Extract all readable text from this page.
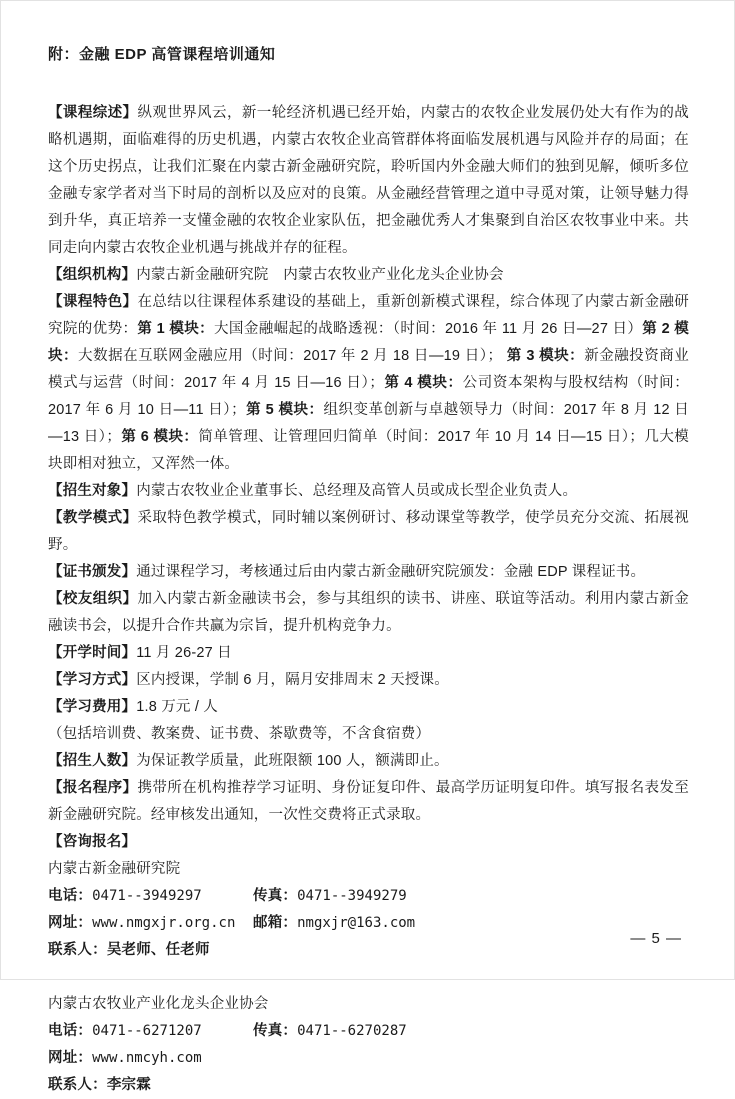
附：金融 EDP 高管课程培训通知

【课程综述】纵观世界风云，新一轮经济机遇已经开始，内蒙古的农牧企业发展仍处大有作为的战略机遇期，面临难得的历史机遇，内蒙古农牧企业高管群体将面临发展机遇与风险并存的局面；在这个历史拐点，让我们汇聚在内蒙古新金融研究院，聆听国内外金融大师们的独到见解，倾听多位金融专家学者对当下时局的剖析以及应对的良策。从金融经营管理之道中寻觅对策，让领导魅力得到升华，真正培养一支懂金融的农牧企业家队伍，把金融优秀人才集聚到自治区农牧事业中来。共同走向内蒙古农牧企业机遇与挑战并存的征程。

【组织机构】内蒙古新金融研究院　内蒙古农牧业产业化龙头企业协会

【课程特色】在总结以往课程体系建设的基础上，重新创新模式课程，综合体现了内蒙古新金融研究院的优势：第 1 模块：大国金融崛起的战略透视：（时间：2016 年 11 月 26 日—27 日）第 2 模块：大数据在互联网金融应用（时间：2017 年 2 月 18 日—19 日）； 第 3 模块：新金融投资商业模式与运营（时间：2017 年 4 月 15 日—16 日）；第 4 模块：公司资本架构与股权结构（时间：2017 年 6 月 10 日—11 日）；第 5 模块：组织变革创新与卓越领导力（时间：2017 年 8 月 12 日—13 日）；第 6 模块：简单管理、让管理回归简单（时间：2017 年 10 月 14 日—15 日）；几大模块即相对独立，又浑然一体。

【招生对象】内蒙古农牧业企业董事长、总经理及高管人员或成长型企业负责人。

【教学模式】采取特色教学模式，同时辅以案例研讨、移动课堂等教学，使学员充分交流、拓展视野。

【证书颁发】通过课程学习，考核通过后由内蒙古新金融研究院颁发：金融 EDP 课程证书。

【校友组织】加入内蒙古新金融读书会，参与其组织的读书、讲座、联谊等活动。利用内蒙古新金融读书会，以提升合作共赢为宗旨，提升机构竞争力。

【开学时间】11 月 26-27 日

【学习方式】区内授课，学制 6 月，隔月安排周末 2 天授课。

【学习费用】1.8 万元 / 人

（包括培训费、教案费、证书费、茶歇费等，不含食宿费）

【招生人数】为保证教学质量，此班限额 100 人，额满即止。

【报名程序】携带所在机构推荐学习证明、身份证复印件、最高学历证明复印件。填写报名表发至新金融研究院。经审核发出通知，一次性交费将正式录取。

【咨询报名】

内蒙古新金融研究院

电话：0471--3949297	传真：0471--3949279

网址：www.nmgxjr.org.cn 邮箱：nmgxjr@163.com

联系人：吴老师、任老师

内蒙古农牧业产业化龙头企业协会

电话：0471--6271207	传真：0471--6270287

网址：www.nmcyh.com

联系人：李宗霖

— 5 —
